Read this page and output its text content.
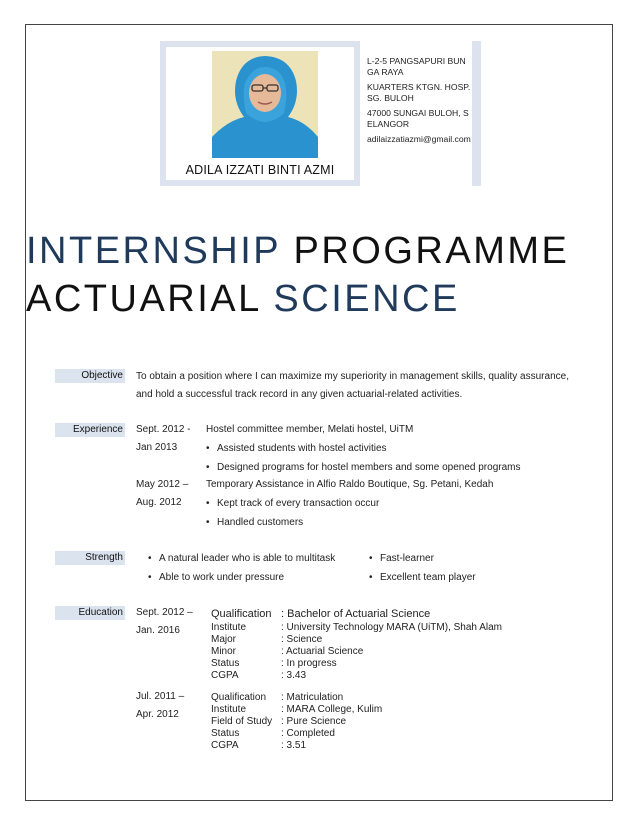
ADILA IZZATI BINTI AZMI

L-2-5 PANGSAPURI BUNGA RAYA

KUARTERS KTGN. HOSP. SG. BULOH

47000 SUNGAI BULOH, SELANGOR

adilaizzatiazmi@gmail.com

INTERNSHIP PROGRAMME
ACTUARIAL SCIENCE
Objective To obtain a position where I can maximize my superiority in management skills, quality assurance,
and hold a successful track record in any given actuarial-related activities.
Experience Sept. 2012 -
Jan 2013
Hostel committee member, Melati hostel, UiTM
• Assisted students with hostel activities
• Designed programs for hostel members and some opened programs
May 2012 –
Aug. 2012
Temporary Assistance in Alfio Raldo Boutique, Sg. Petani, Kedah
• Kept track of every transaction occur
• Handled customers
Strength
•	A natural leader who is able to multitask
• Able to work under pressure
• Fast-learner
• Excellent team player
Education Sept. 2012 –
Jan. 2016
Qualification : Bachelor of Actuarial Science
Institute	: University Technology MARA (UiTM), Shah Alam
Major	: Science
Minor	: Actuarial Science
Status	: In progress
CGPA	: 3.43
Jul. 2011 –
Apr. 2012
Qualification : Matriculation
Institute	: MARA College, Kulim
Field of Study : Pure Science
Status	: Completed
CGPA	: 3.51
